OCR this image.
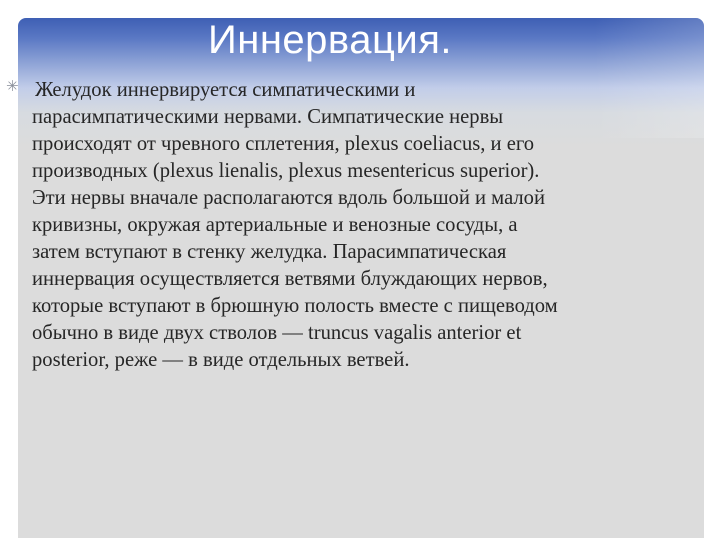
Иннервация.
✳ Желудок иннервируется симпатическими и
парасимпатическими нервами. Симпатические нервы
происходят от чревного сплетения, plexus coeliacus, и его
производных (plexus lienalis, plexus mesentericus superior).
Эти нервы вначале располагаются вдоль большой и малой
кривизны, окружая артериальные и венозные сосуды, а
затем вступают в стенку желудка. Парасимпатическая
иннервация осуществляется ветвями блуждающих нервов,
которые вступают в брюшную полость вместе с пищеводом
обычно в виде двух стволов — truncus vagalis anterior et
posterior, реже — в виде отдельных ветвей.
